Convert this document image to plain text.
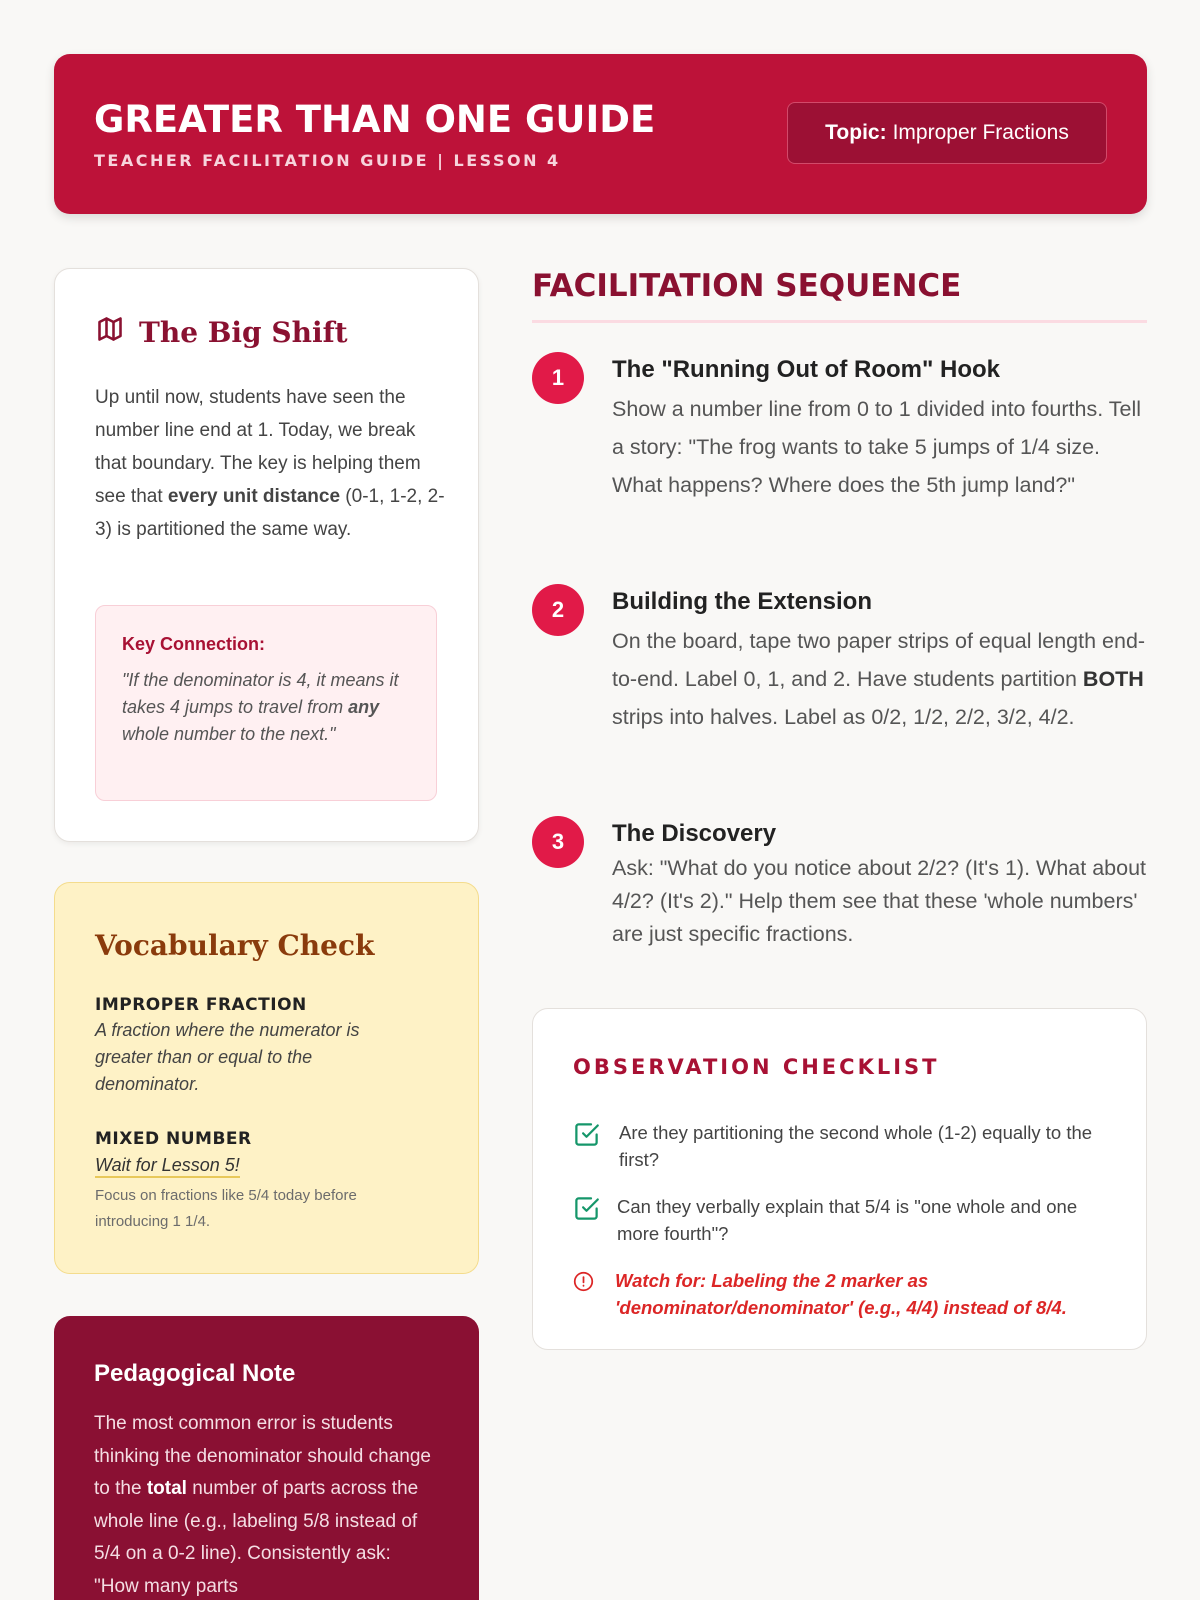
GREATER THAN ONE GUIDE
TEACHER FACILITATION GUIDE | LESSON 4
Topic: Improper Fractions
The Big Shift
Up until now, students have seen the number line end at 1. Today, we break that boundary. The key is helping them see that every unit distance (0-1, 1-2, 2-3) is partitioned the same way.
Key Connection:
"If the denominator is 4, it means it takes 4 jumps to travel from any whole number to the next."
Vocabulary Check
IMPROPER FRACTION
A fraction where the numerator is greater than or equal to the denominator.
MIXED NUMBER
Wait for Lesson 5!
Focus on fractions like 5/4 today before introducing 1 1/4.
Pedagogical Note
The most common error is students thinking the denominator should change to the total number of parts across the whole line (e.g., labeling 5/8 instead of 5/4 on a 0-2 line). Consistently ask: "How many parts
FACILITATION SEQUENCE
1	The "Running Out of Room" Hook
Show a number line from 0 to 1 divided into fourths. Tell a story: "The frog wants to take 5 jumps of 1/4 size. What happens? Where does the 5th jump land?"
2	Building the Extension
On the board, tape two paper strips of equal length end-to-end. Label 0, 1, and 2. Have students partition BOTH strips into halves. Label as 0/2, 1/2, 2/2, 3/2, 4/2.
3	The Discovery
Ask: "What do you notice about 2/2? (It's 1). What about 4/2? (It's 2)." Help them see that these 'whole numbers' are just specific fractions.
OBSERVATION CHECKLIST
Are they partitioning the second whole (1-2) equally to the first?
Can they verbally explain that 5/4 is "one whole and one more fourth"?
Watch for: Labeling the 2 marker as 'denominator/denominator' (e.g., 4/4) instead of 8/4.
